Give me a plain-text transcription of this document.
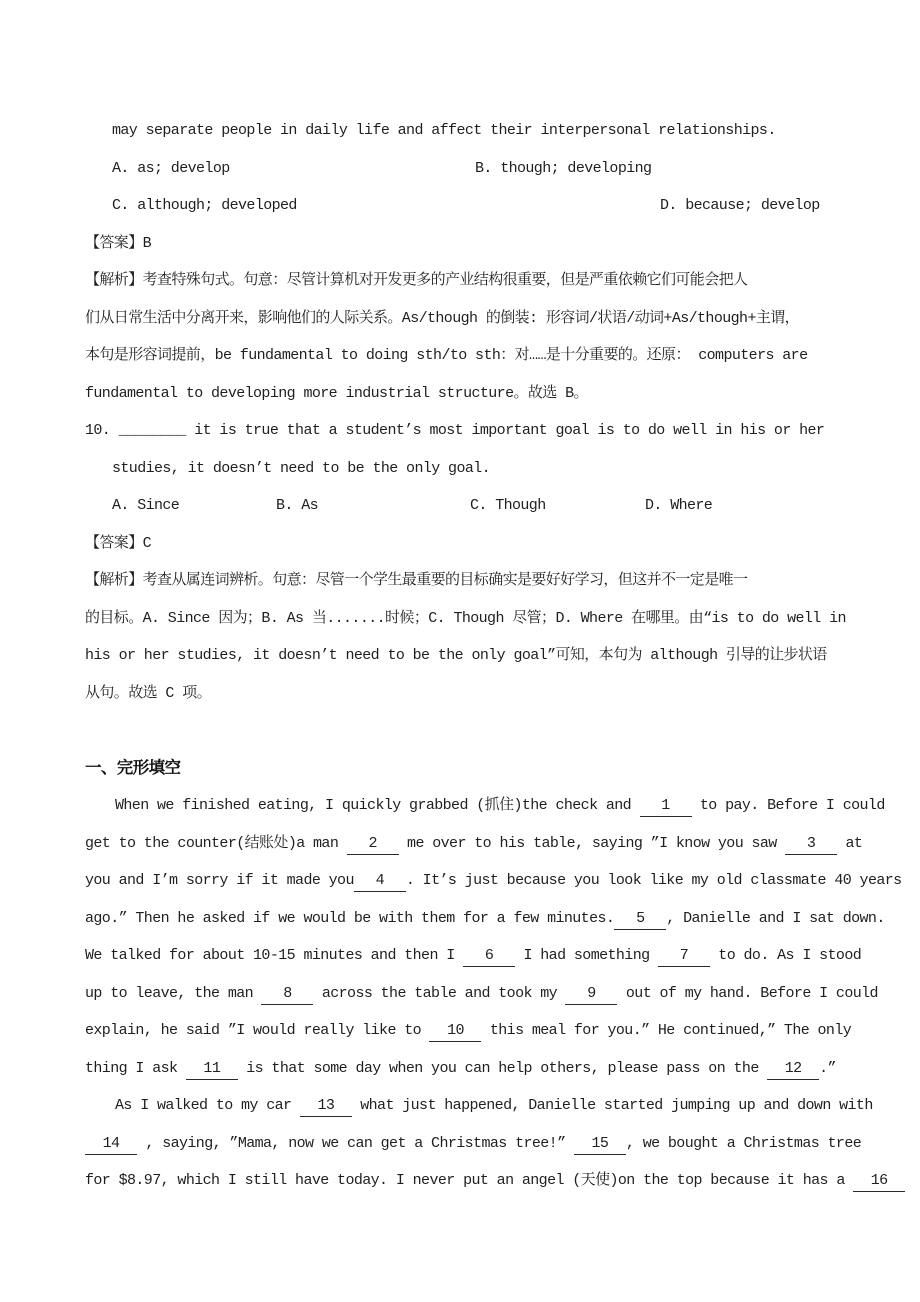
may separate people in daily life and affect their interpersonal relationships.
A. as; develop	B. though; developing
C. although; developed	D. because; develop
【答案】B
【解析】考查特殊句式。句意：尽管计算机对开发更多的产业结构很重要，但是严重依赖它们可能会把人
们从日常生活中分离开来，影响他们的人际关系。As/though 的倒装: 形容词/状语/动词+As/though+主谓，
本句是形容词提前，be fundamental to doing sth/to sth：对……是十分重要的。还原： computers are
fundamental to developing more industrial structure。故选 B。
10. ________ it is true that a student’s most important goal is to do well in his or her
studies, it doesn’t need to be the only goal.
A. Since	B. As	C. Though	D. Where
【答案】C
【解析】考查从属连词辨析。句意：尽管一个学生最重要的目标确实是要好好学习，但这并不一定是唯一
的目标。A. Since 因为；B. As 当.......时候；C. Though 尽管；D. Where 在哪里。由“is to do well in
his or her studies, it doesn’t need to be the only goal”可知，本句为 although 引导的让步状语
从句。故选 C 项。
一、完形填空
When we finished eating, I quickly grabbed (抓住)the check and 1 to pay. Before I could
get to the counter(结账处)a man 2 me over to his table, saying ”I know you saw 3 at
you and I’m sorry if it made you 4 . It’s just because you look like my old classmate 40 years
ago.” Then he asked if we would be with them for a few minutes. 5 , Danielle and I sat down.
We talked for about 10-15 minutes and then I 6 I had something 7 to do. As I stood
up to leave, the man 8 across the table and took my 9 out of my hand. Before I could
explain, he said ”I would really like to 10 this meal for you.” He continued,” The only
thing I ask 11 is that some day when you can help others, please pass on the 12 .”
As I walked to my car 13 what just happened, Danielle started jumping up and down with
14 , saying, ”Mama, now we can get a Christmas tree!” 15 , we bought a Christmas tree
for $8.97, which I still have today. I never put an angel (天使)on the top because it has a 16
